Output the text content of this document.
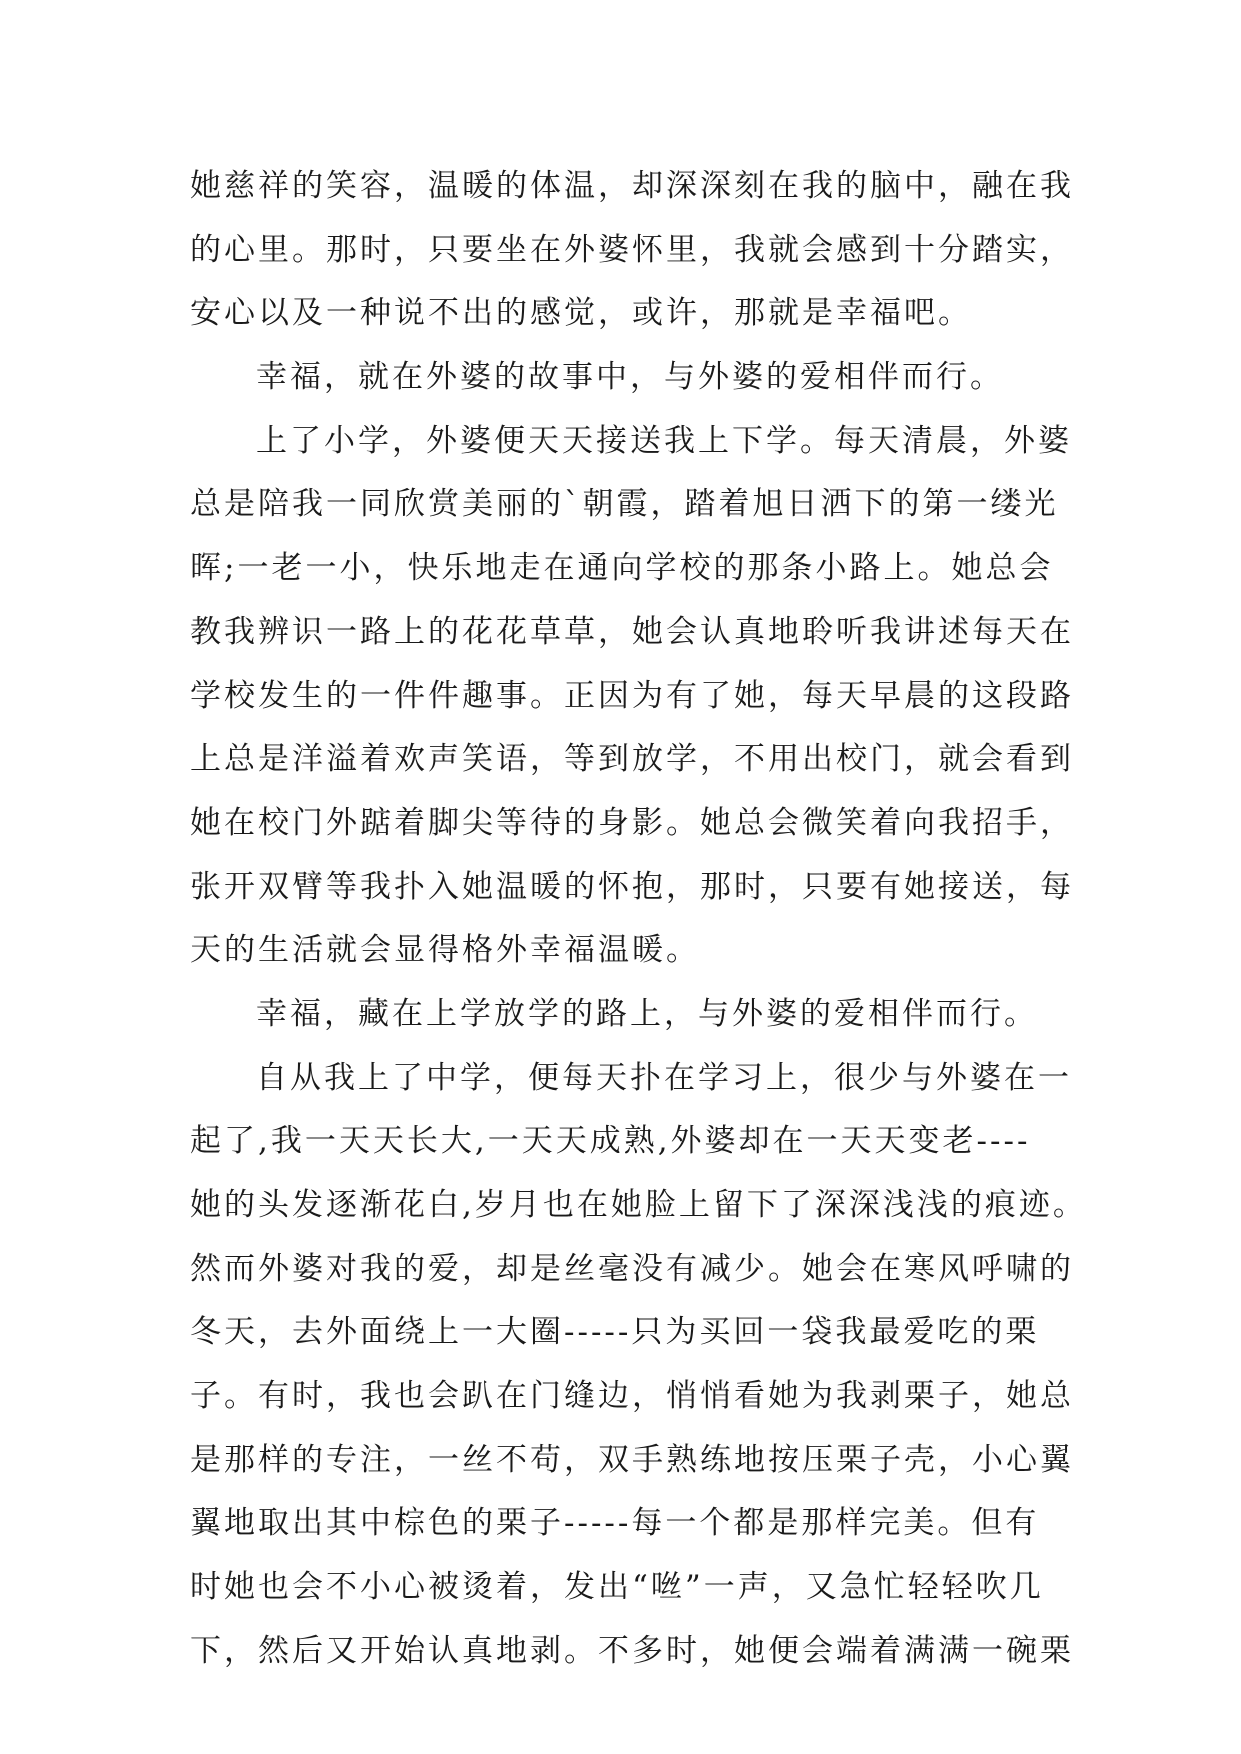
她慈祥的笑容，温暖的体温，却深深刻在我的脑中，融在我
的心里。那时，只要坐在外婆怀里，我就会感到十分踏实，
安心以及一种说不出的感觉，或许，那就是幸福吧。
幸福，就在外婆的故事中，与外婆的爱相伴而行。
上了小学，外婆便天天接送我上下学。每天清晨，外婆
总是陪我一同欣赏美丽的`朝霞，踏着旭日洒下的第一缕光
晖;一老一小，快乐地走在通向学校的那条小路上。她总会
教我辨识一路上的花花草草，她会认真地聆听我讲述每天在
学校发生的一件件趣事。正因为有了她，每天早晨的这段路
上总是洋溢着欢声笑语，等到放学，不用出校门，就会看到
她在校门外踮着脚尖等待的身影。她总会微笑着向我招手，
张开双臂等我扑入她温暖的怀抱，那时，只要有她接送，每
天的生活就会显得格外幸福温暖。
幸福，藏在上学放学的路上，与外婆的爱相伴而行。
自从我上了中学，便每天扑在学习上，很少与外婆在一
起了,我一天天长大,一天天成熟,外婆却在一天天变老----
她的头发逐渐花白,岁月也在她脸上留下了深深浅浅的痕迹。
然而外婆对我的爱，却是丝毫没有减少。她会在寒风呼啸的
冬天，去外面绕上一大圈-----只为买回一袋我最爱吃的栗
子。有时，我也会趴在门缝边，悄悄看她为我剥栗子，她总
是那样的专注，一丝不苟，双手熟练地按压栗子壳，小心翼
翼地取出其中棕色的栗子-----每一个都是那样完美。但有
时她也会不小心被烫着，发出“咝”一声，又急忙轻轻吹几
下，然后又开始认真地剥。不多时，她便会端着满满一碗栗
